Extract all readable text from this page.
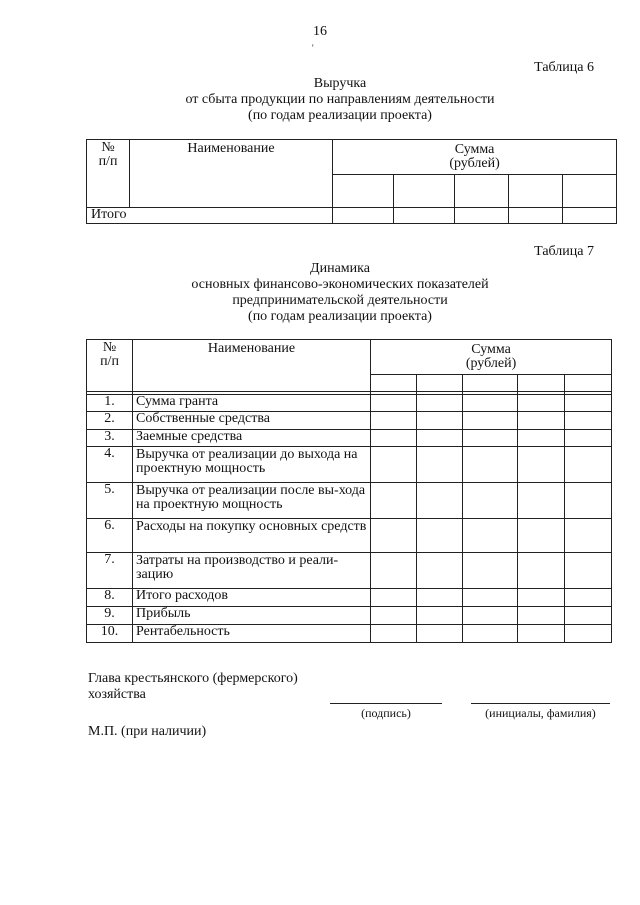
16
'
Таблица 6
Выручка
от сбыта продукции по направлениям деятельности
(по годам реализации проекта)
№ п/п	Наименование	Сумма (рублей)				

Итого						

Таблица 7
Динамика
основных финансово-экономических показателей
предпринимательской деятельности
(по годам реализации проекта)
№ п/п	Наименование	Сумма (рублей)				

1.	Сумма гранта					

2.	Собственные средства					

3.	Заемные средства					

4.	Выручка от реализации до выхода на проектную мощность					

5.	Выручка от реализации после вы-хода на проектную мощность					

6.	Расходы на покупку основных средств					

7.	Затраты на производство и реали-зацию					

8.	Итого расходов					

9.	Прибыль					

10.	Рентабельность					

Глава крестьянского (фермерского)
хозяйства
(подпись)	(инициалы, фамилия)
М.П. (при наличии)
